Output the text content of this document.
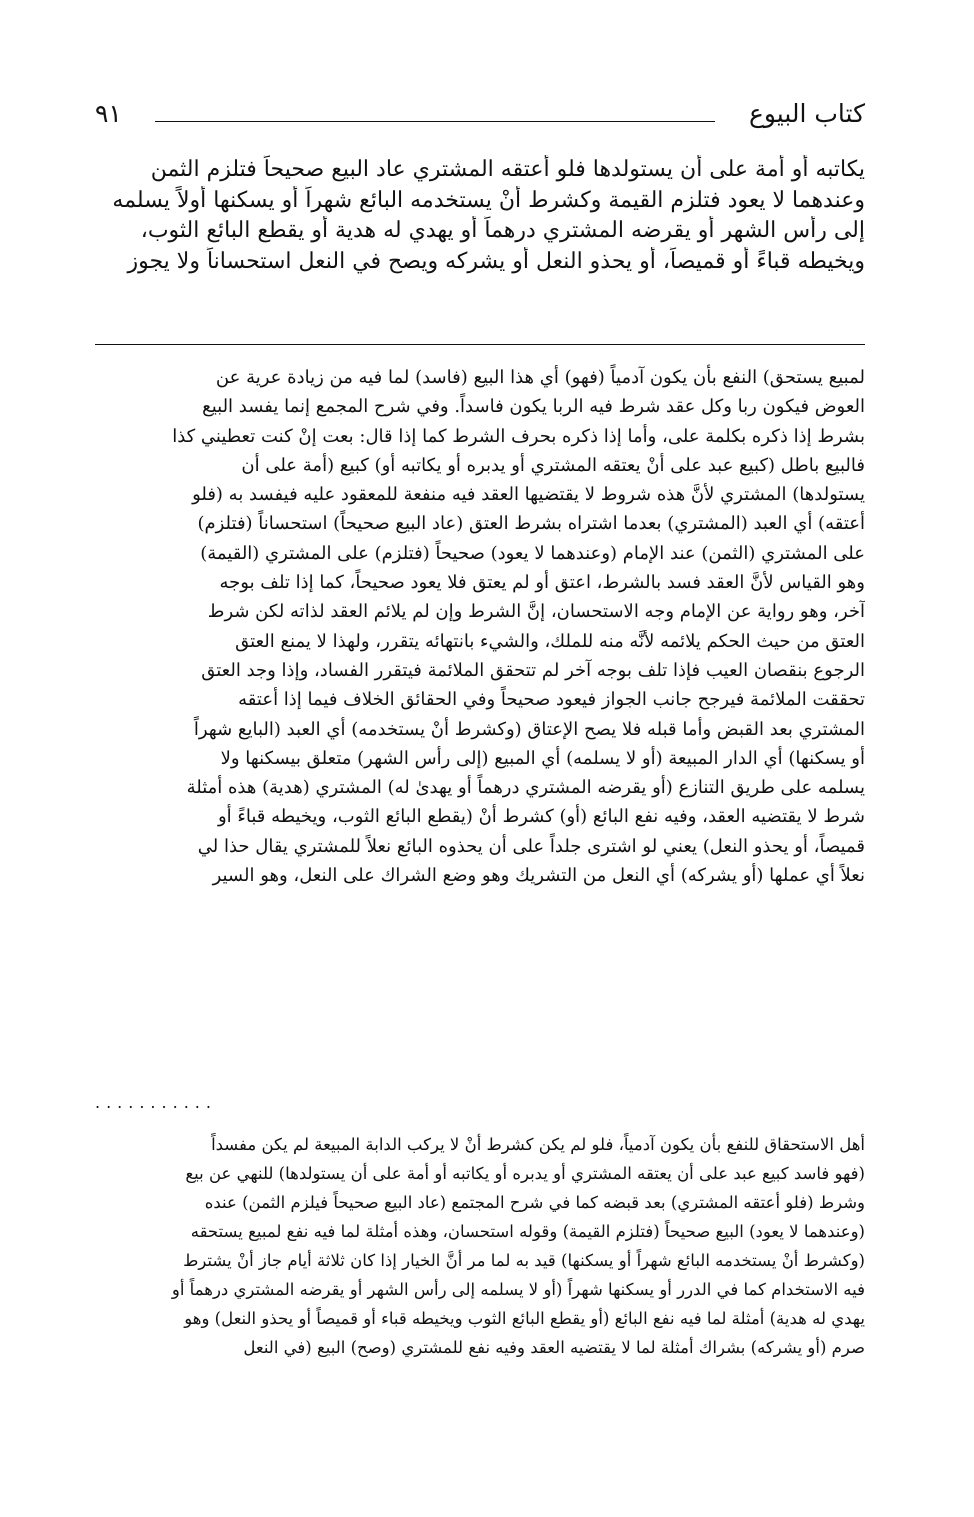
كتاب البيوع
٩١
يكاتبه أو أمة على أن يستولدها فلو أعتقه المشتري عاد البيع صحيحاً فتلزم الثمن
وعندهما لا يعود فتلزم القيمة وكشرط أنْ يستخدمه البائع شهراً أو يسكنها أولاً يسلمه
إلى رأس الشهر أو يقرضه المشتري درهماً أو يهدي له هدية أو يقطع البائع الثوب،
ويخيطه قباءً أو قميصاً، أو يحذو النعل أو يشركه ويصح في النعل استحساناً ولا يجوز
لمبيع يستحق) النفع بأن يكون آدمياً (فهو) أي هذا البيع (فاسد) لما فيه من زيادة عرية عن
العوض فيكون ربا وكل عقد شرط فيه الربا يكون فاسداً. وفي شرح المجمع إنما يفسد البيع
بشرط إذا ذكره بكلمة على، وأما إذا ذكره بحرف الشرط كما إذا قال: بعت إنْ كنت تعطيني كذا
فالبيع باطل (كبيع عبد على أنْ يعتقه المشتري أو يدبره أو يكاتبه أو) كبيع (أمة على أن
يستولدها) المشتري لأنَّ هذه شروط لا يقتضيها العقد فيه منفعة للمعقود عليه فيفسد به (فلو
أعتقه) أي العبد (المشتري) بعدما اشتراه بشرط العتق (عاد البيع صحيحاً) استحساناً (فتلزم)
على المشتري (الثمن) عند الإمام (وعندهما لا يعود) صحيحاً (فتلزم) على المشتري (القيمة)
وهو القياس لأنَّ العقد فسد بالشرط، اعتق أو لم يعتق فلا يعود صحيحاً، كما إذا تلف بوجه
آخر، وهو رواية عن الإمام وجه الاستحسان، إنَّ الشرط وإن لم يلائم العقد لذاته لكن شرط
العتق من حيث الحكم يلائمه لأنَّه منه للملك، والشيء بانتهائه يتقرر، ولهذا لا يمنع العتق
الرجوع بنقصان العيب فإذا تلف بوجه آخر لم تتحقق الملائمة فيتقرر الفساد، وإذا وجد العتق
تحققت الملائمة فيرجح جانب الجواز فيعود صحيحاً وفي الحقائق الخلاف فيما إذا أعتقه
المشتري بعد القبض وأما قبله فلا يصح الإعتاق (وكشرط أنْ يستخدمه) أي العبد (البايع شهراً
أو يسكنها) أي الدار المبيعة (أو لا يسلمه) أي المبيع (إلى رأس الشهر) متعلق بيسكنها ولا
يسلمه على طريق التنازع (أو يقرضه المشتري درهماً أو يهدىٰ له) المشتري (هدية) هذه أمثلة
شرط لا يقتضيه العقد، وفيه نفع البائع (أو) كشرط أنْ (يقطع البائع الثوب، ويخيطه قباءً أو
قميصاً، أو يحذو النعل) يعني لو اشترى جلداً على أن يحذوه البائع نعلاً للمشتري يقال حذا لي
نعلاً أي عملها (أو يشركه) أي النعل من التشريك وهو وضع الشراك على النعل، وهو السير
...........
أهل الاستحقاق للنفع بأن يكون آدمياً، فلو لم يكن كشرط أنْ لا يركب الدابة المبيعة لم يكن مفسداً
(فهو فاسد كبيع عبد على أن يعتقه المشتري أو يدبره أو يكاتبه أو أمة على أن يستولدها) للنهي عن بيع
وشرط (فلو أعتقه المشتري) بعد قبضه كما في شرح المجتمع (عاد البيع صحيحاً فيلزم الثمن) عنده
(وعندهما لا يعود) البيع صحيحاً (فتلزم القيمة) وقوله استحسان، وهذه أمثلة لما فيه نفع لمبيع يستحقه
(وكشرط أنْ يستخدمه البائع شهراً أو يسكنها) قيد به لما مر أنَّ الخيار إذا كان ثلاثة أيام جاز أنْ يشترط
فيه الاستخدام كما في الدرر أو يسكنها شهراً (أو لا يسلمه إلى رأس الشهر أو يقرضه المشتري درهماً أو
يهدي له هدية) أمثلة لما فيه نفع البائع (أو يقطع البائع الثوب ويخيطه قباء أو قميصاً أو يحذو النعل) وهو
صرم (أو يشركه) بشراك أمثلة لما لا يقتضيه العقد وفيه نفع للمشتري (وصح) البيع (في النعل
